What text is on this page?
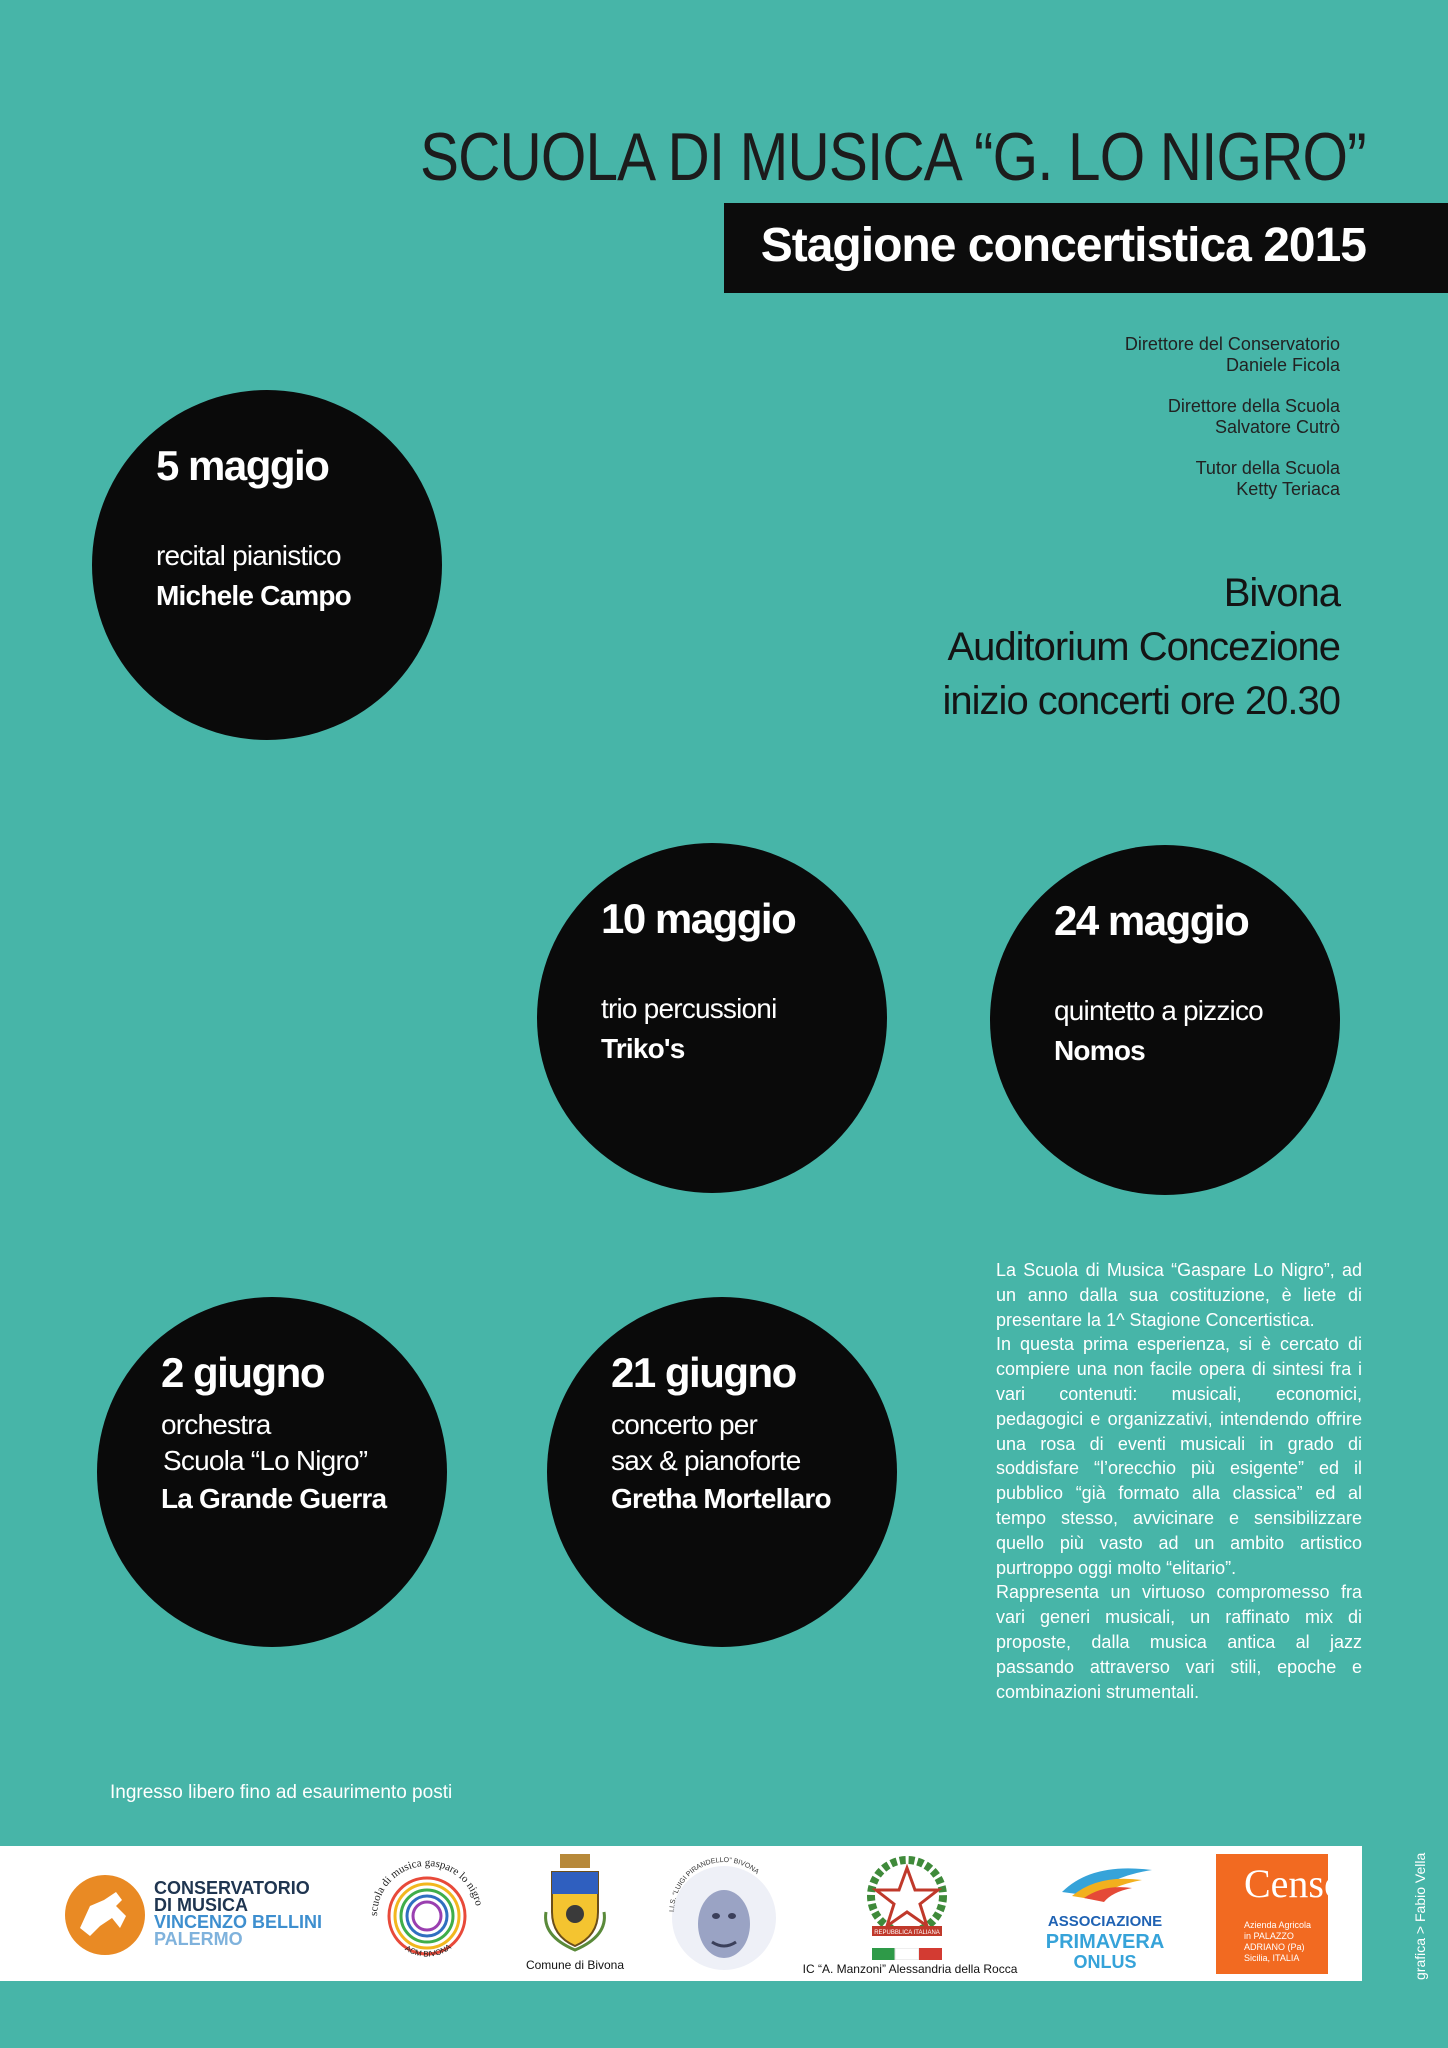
SCUOLA DI MUSICA “G. LO NIGRO”
Stagione concertistica 2015
Direttore del Conservatorio
Daniele Ficola
Direttore della Scuola
Salvatore Cutrò
Tutor della Scuola
Ketty Teriaca
Bivona
Auditorium Concezione
inizio concerti ore 20.30
5 maggio
recital pianistico
Michele Campo
10 maggio
trio percussioni
Triko's
24 maggio
quintetto a pizzico
Nomos
2 giugno
orchestra
Scuola “Lo Nigro”
La Grande Guerra
21 giugno
concerto per
sax & pianoforte
Gretha Mortellaro

La Scuola di Musica “Gaspare Lo Nigro”, ad un anno dalla sua costituzione, è liete di presentare la 1^ Stagione Concertistica.

In questa prima esperienza, si è cercato di compiere una non facile opera di sintesi fra i vari contenuti: musicali, economici, pedagogici e organizzativi, intendendo offrire una rosa di eventi musicali in grado di soddisfare “l’orecchio più esigente” ed il pubblico “già formato alla classica” ed al tempo stesso, avvicinare e sensibilizzare quello più vasto ad un ambito artistico purtroppo oggi molto “elitario”.

Rappresenta un virtuoso compromesso fra vari generi musicali, un raffinato mix di proposte, dalla musica antica al jazz passando attraverso vari stili, epoche e combinazioni strumentali.

Ingresso libero fino ad esaurimento posti
CONSERVATORIO
DI MUSICA
VINCENZO BELLINI
PALERMO
scuola di musica gaspare lo nigro
ACM BIVONA
Comune di Bivona
I.I.S. “LUIGI PIRANDELLO” BIVONA
REPUBBLICA ITALIANA
IC “A. Manzoni” Alessandria della Rocca
ASSOCIAZIONE
PRIMAVERA
ONLUS
Censo
Azienda Agricola
in PALAZZO ADRIANO (Pa)
Sicilia, ITALIA	grafica > Fabio Vella
